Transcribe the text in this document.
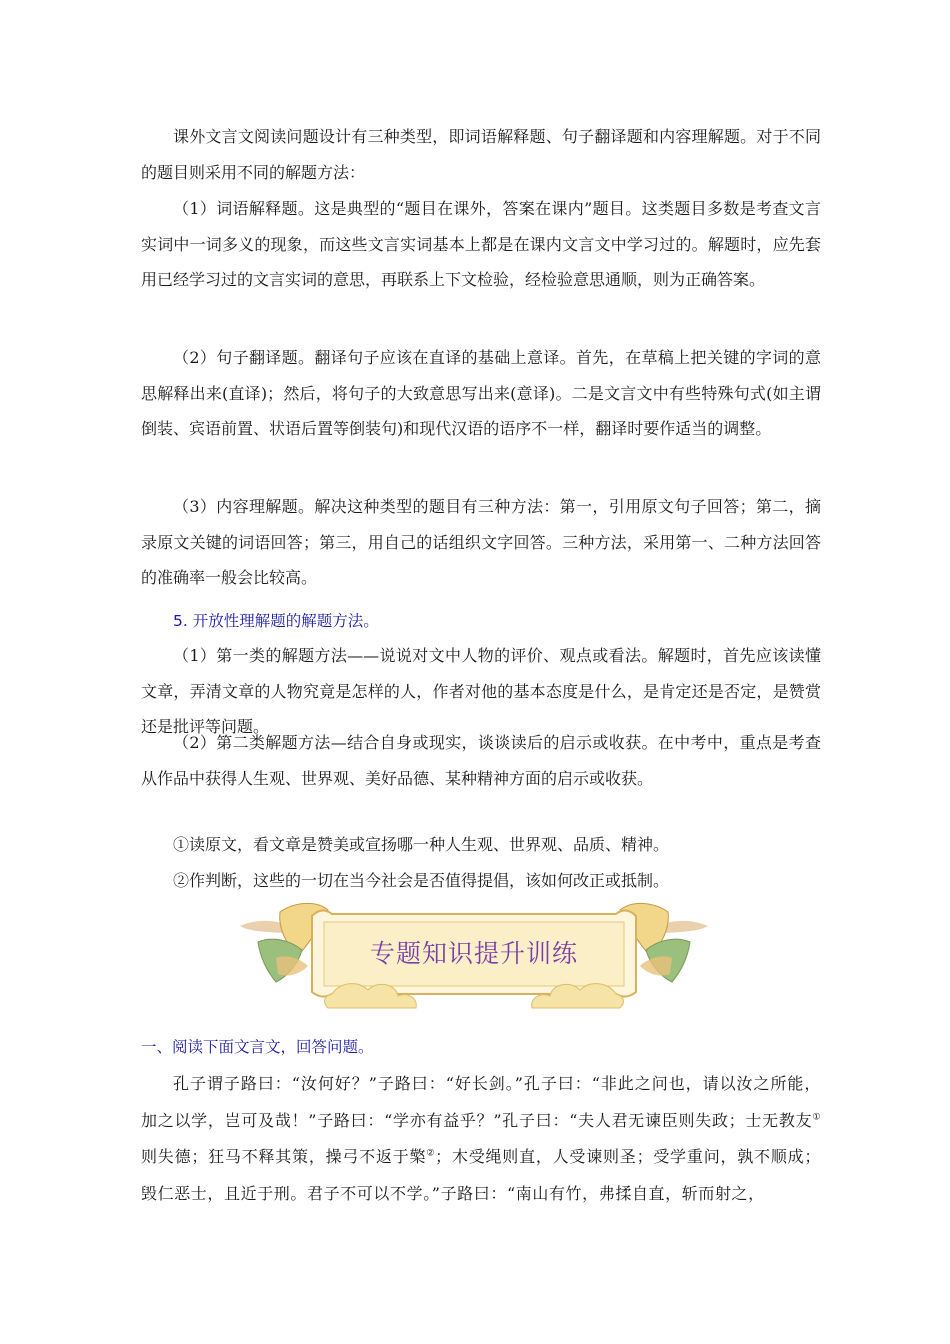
课外文言文阅读问题设计有三种类型，即词语解释题、句子翻译题和内容理解题。对于不同的题目则采用不同的解题方法：

（1）词语解释题。这是典型的“题目在课外，答案在课内”题目。这类题目多数是考查文言实词中一词多义的现象，而这些文言实词基本上都是在课内文言文中学习过的。解题时，应先套用已经学习过的文言实词的意思，再联系上下文检验，经检验意思通顺，则为正确答案。

（2）句子翻译题。翻译句子应该在直译的基础上意译。首先，在草稿上把关键的字词的意思解释出来(直译)；然后，将句子的大致意思写出来(意译)。二是文言文中有些特殊句式(如主谓倒装、宾语前置、状语后置等倒装句)和现代汉语的语序不一样，翻译时要作适当的调整。

（3）内容理解题。解决这种类型的题目有三种方法：第一，引用原文句子回答；第二，摘录原文关键的词语回答；第三，用自己的话组织文字回答。三种方法，采用第一、二种方法回答的准确率一般会比较高。

5. 开放性理解题的解题方法。

（1）第一类的解题方法——说说对文中人物的评价、观点或看法。解题时，首先应该读懂文章，弄清文章的人物究竟是怎样的人，作者对他的基本态度是什么，是肯定还是否定，是赞赏还是批评等问题。

（2）第二类解题方法—结合自身或现实，谈谈读后的启示或收获。在中考中，重点是考查从作品中获得人生观、世界观、美好品德、某种精神方面的启示或收获。

①读原文，看文章是赞美或宣扬哪一种人生观、世界观、品质、精神。

②作判断，这些的一切在当今社会是否值得提倡，该如何改正或抵制。

专题知识提升训练

一、阅读下面文言文，回答问题。

孔子谓子路曰：“汝何好？”子路曰：“好长剑。”孔子曰：“非此之问也，请以汝之所能，加之以学，岂可及哉！”子路曰：“学亦有益乎？”孔子曰：“夫人君无谏臣则失政；士无教友①则失德；狂马不释其策，操弓不返于檠②；木受绳则直，人受谏则圣；受学重问，孰不顺成；毁仁恶士，且近于刑。君子不可以不学。”子路曰：“南山有竹，弗揉自直，斩而射之，
